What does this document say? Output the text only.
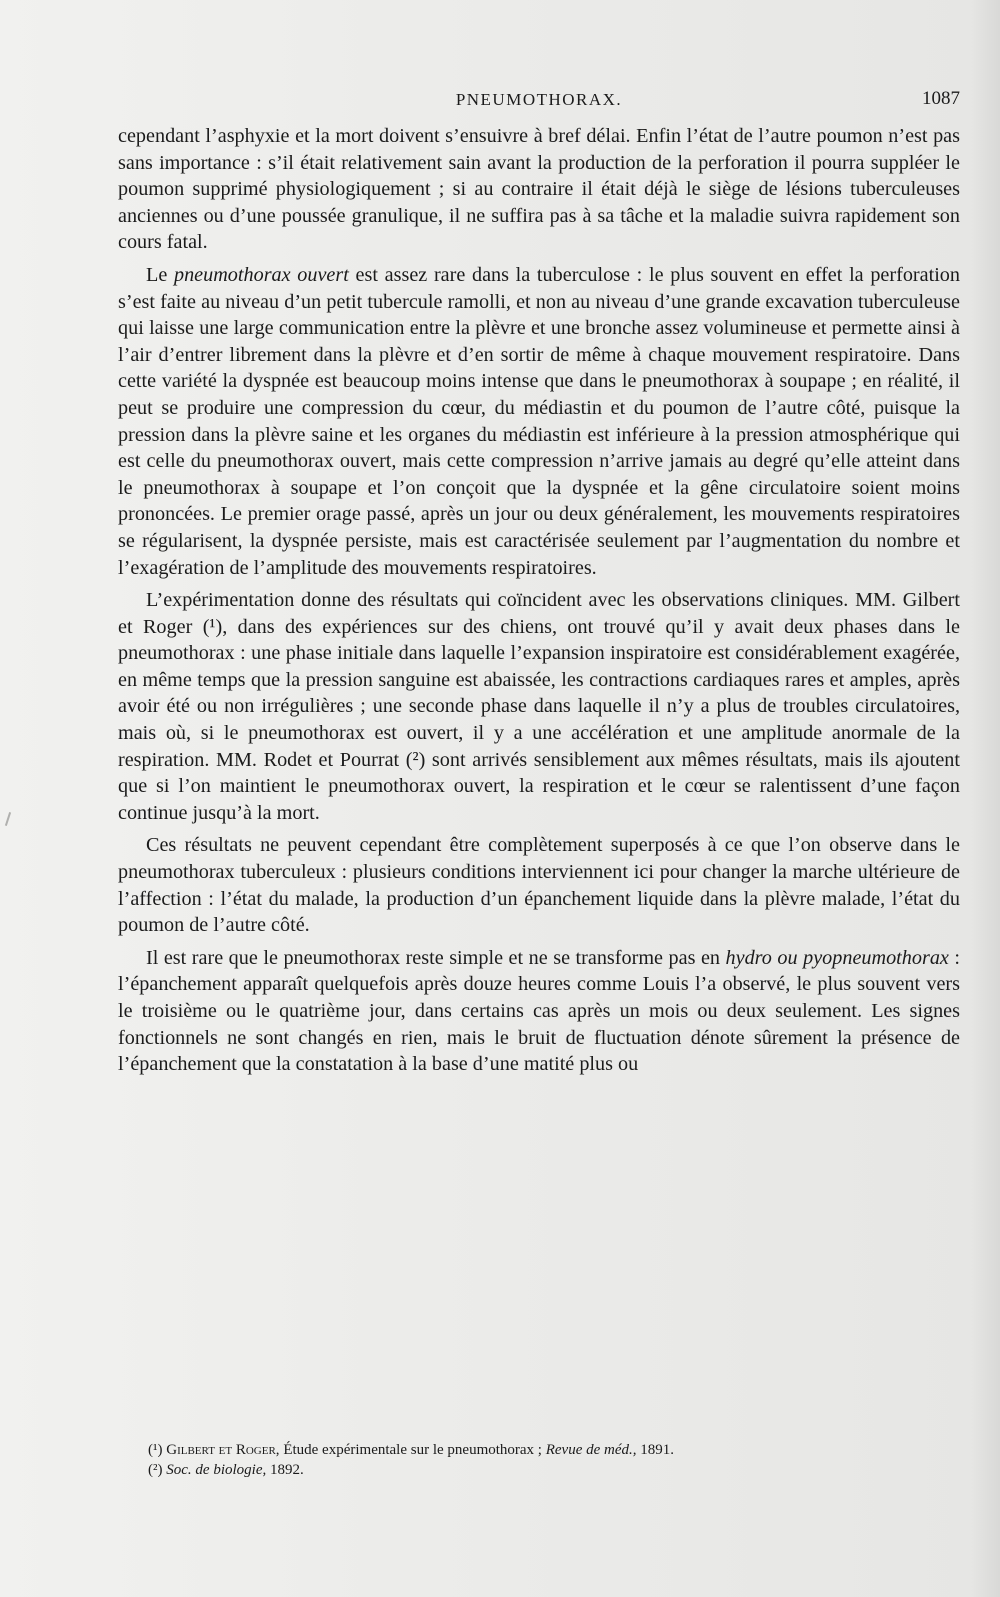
PNEUMOTHORAX.	1087

cependant l’asphyxie et la mort doivent s’ensuivre à bref délai. Enfin l’état de l’autre poumon n’est pas sans importance : s’il était relativement sain avant la production de la perforation il pourra suppléer le poumon supprimé physiologiquement ; si au contraire il était déjà le siège de lésions tuberculeuses anciennes ou d’une poussée granulique, il ne suffira pas à sa tâche et la maladie suivra rapidement son cours fatal.

Le pneumothorax ouvert est assez rare dans la tuberculose : le plus souvent en effet la perforation s’est faite au niveau d’un petit tubercule ramolli, et non au niveau d’une grande excavation tuberculeuse qui laisse une large communication entre la plèvre et une bronche assez volumineuse et permette ainsi à l’air d’entrer librement dans la plèvre et d’en sortir de même à chaque mouvement respiratoire. Dans cette variété la dyspnée est beaucoup moins intense que dans le pneumothorax à soupape ; en réalité, il peut se produire une compression du cœur, du médiastin et du poumon de l’autre côté, puisque la pression dans la plèvre saine et les organes du médiastin est inférieure à la pression atmosphérique qui est celle du pneumothorax ouvert, mais cette compression n’arrive jamais au degré qu’elle atteint dans le pneumothorax à soupape et l’on conçoit que la dyspnée et la gêne circulatoire soient moins prononcées. Le premier orage passé, après un jour ou deux généralement, les mouvements respiratoires se régularisent, la dyspnée persiste, mais est caractérisée seulement par l’augmentation du nombre et l’exagération de l’amplitude des mouvements respiratoires.

L’expérimentation donne des résultats qui coïncident avec les observations cliniques. MM. Gilbert et Roger (¹), dans des expériences sur des chiens, ont trouvé qu’il y avait deux phases dans le pneumothorax : une phase initiale dans laquelle l’expansion inspiratoire est considérablement exagérée, en même temps que la pression sanguine est abaissée, les contractions cardiaques rares et amples, après avoir été ou non irrégulières ; une seconde phase dans laquelle il n’y a plus de troubles circulatoires, mais où, si le pneumothorax est ouvert, il y a une accélération et une amplitude anormale de la respiration. MM. Rodet et Pourrat (²) sont arrivés sensiblement aux mêmes résultats, mais ils ajoutent que si l’on maintient le pneumothorax ouvert, la respiration et le cœur se ralentissent d’une façon continue jusqu’à la mort.

Ces résultats ne peuvent cependant être complètement superposés à ce que l’on observe dans le pneumothorax tuberculeux : plusieurs conditions interviennent ici pour changer la marche ultérieure de l’affection : l’état du malade, la production d’un épanchement liquide dans la plèvre malade, l’état du poumon de l’autre côté.

Il est rare que le pneumothorax reste simple et ne se transforme pas en hydro ou pyopneumothorax : l’épanchement apparaît quelquefois après douze heures comme Louis l’a observé, le plus souvent vers le troisième ou le quatrième jour, dans certains cas après un mois ou deux seulement. Les signes fonctionnels ne sont changés en rien, mais le bruit de fluctuation dénote sûrement la présence de l’épanchement que la constatation à la base d’une matité plus ou

(¹) Gilbert et Roger, Étude expérimentale sur le pneumothorax ; Revue de méd., 1891.
(²) Soc. de biologie, 1892.
